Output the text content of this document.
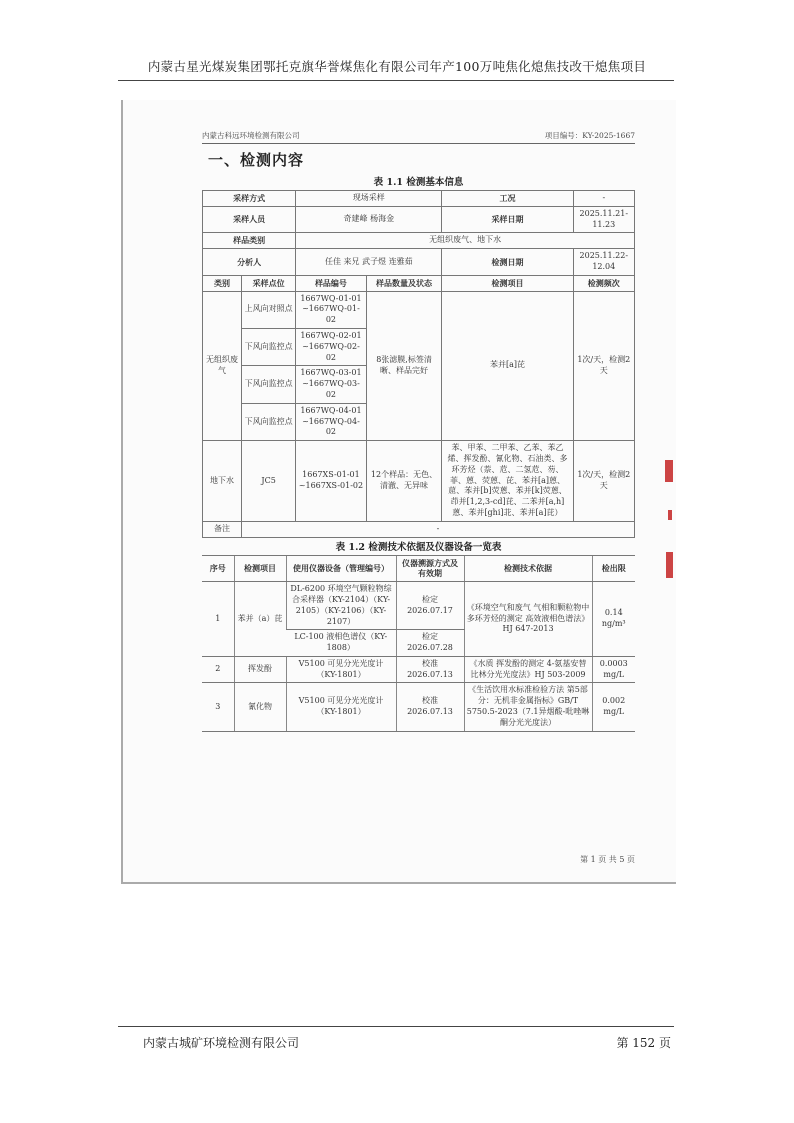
内蒙古星光煤炭集团鄂托克旗华誉煤焦化有限公司年产100万吨焦化熄焦技改干熄焦项目
内蒙古科远环境检测有限公司	项目编号：KY-2025-1667
一、检测内容
表 1.1 检测基本信息
采样方式		现场采样		工况	-
采样人员		奇建峰 杨海金		采样日期	2025.11.21-11.23
样品类别		无组织废气、地下水			
分析人		任佳 来兄 武子煜 连雅茹		检测日期	2025.11.22-12.04
类别	采样点位	样品编号	样品数量及状态	检测项目	检测频次
无组织废气	上风向对照点	1667WQ-01-01 ~1667WQ-01-02	8张滤膜,标签清晰、样品完好	苯并[a]芘	1次/天，检测2天
	下风向监控点	1667WQ-02-01 ~1667WQ-02-02			
	下风向监控点	1667WQ-03-01 ~1667WQ-03-02			
	下风向监控点	1667WQ-04-01 ~1667WQ-04-02			
地下水	JC5	1667XS-01-01 ~1667XS-01-02	12个样品：无色、清澈、无异味	苯、甲苯、二甲苯、乙苯、苯乙烯、挥发酚、氰化物、石油类、多环芳烃（萘、苊、二氢苊、芴、菲、蒽、荧蒽、芘、苯并[a]蒽、䓛、苯并[b]荧蒽、苯并[k]荧蒽、茚并[1,2,3-cd]芘、二苯并[a,h]蒽、苯并[ghi]苝、苯并[a]芘）	1次/天，检测2天
备注	-				
表 1.2 检测技术依据及仪器设备一览表
序号	检测项目	使用仪器设备（管理编号）	仪器溯源方式及有效期	检测技术依据	检出限
1	苯并（a）芘	DL-6200 环境空气颗粒物综合采样器（KY-2104）（KY-2105）（KY-2106）（KY-2107）	检定 2026.07.17	《环境空气和废气 气相和颗粒物中多环芳烃的测定 高效液相色谱法》HJ 647-2013	0.14 ng/m³
		LC-100 液相色谱仪（KY-1808）	检定 2026.07.28		
2	挥发酚	V5100 可见分光光度计（KY-1801）	校准 2026.07.13	《水质 挥发酚的测定 4-氨基安替比林分光光度法》HJ 503-2009	0.0003 mg/L
3	氰化物	V5100 可见分光光度计（KY-1801）	校准 2026.07.13	《生活饮用水标准检验方法 第5部分：无机非金属指标》GB/T 5750.5-2023（7.1异烟酸-吡唑啉酮分光光度法）	0.002 mg/L
第 1 页 共 5 页
内蒙古城矿环境检测有限公司	第 152 页
